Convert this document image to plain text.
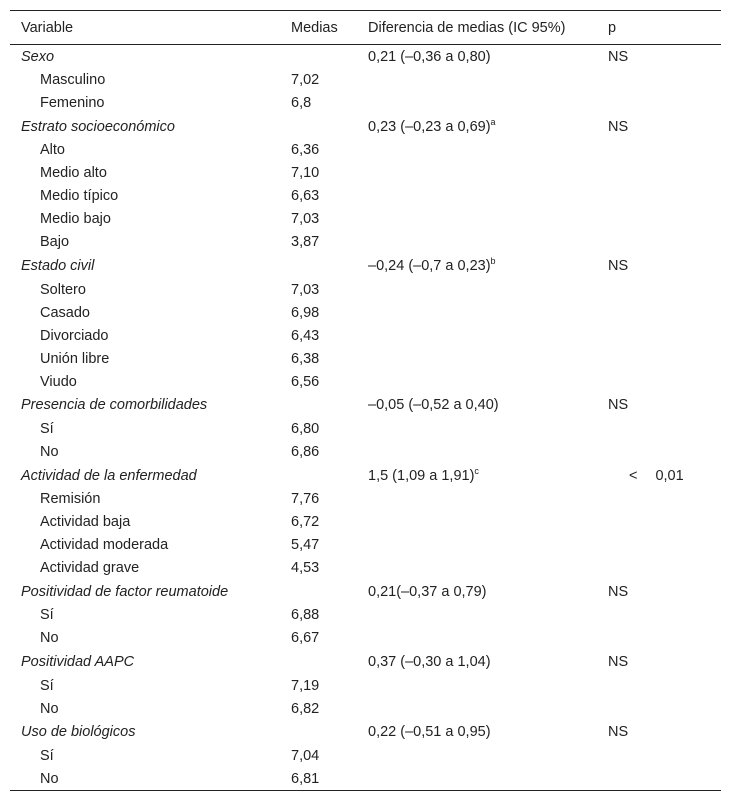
Variable	Medias	Diferencia de medias (IC 95%)	p
Sexo		0,21 (–0,36 a 0,80)	NS
Masculino	7,02		
Femenino	6,8		
Estrato socioeconómico		0,23 (–0,23 a 0,69)$^a$	NS
Alto	6,36		
Medio alto	7,10		
Medio típico	6,63		
Medio bajo	7,03		
Bajo	3,87		
Estado civil		–0,24 (–0,7 a 0,23)$^b$	NS
Soltero	7,03		
Casado	6,98		
Divorciado	6,43		
Unión libre	6,38		
Viudo	6,56		
Presencia de comorbilidades		–0,05 (–0,52 a 0,40)	NS
Sí	6,80		
No	6,86		
Actividad de la enfermedad		1,5 (1,09 a 1,91)$^c$	< 0,01
Remisión	7,76		
Actividad baja	6,72		
Actividad moderada	5,47		
Actividad grave	4,53		
Positividad de factor reumatoide		0,21(–0,37 a 0,79)	NS
Sí	6,88		
No	6,67		
Positividad AAPC		0,37 (–0,30 a 1,04)	NS
Sí	7,19		
No	6,82		
Uso de biológicos		0,22 (–0,51 a 0,95)	NS
Sí	7,04		
No	6,81		
